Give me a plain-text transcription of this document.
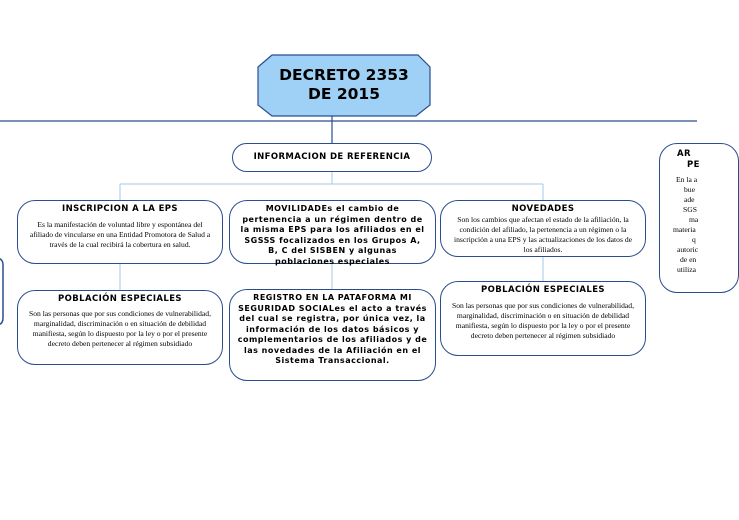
DECRETO 2353
DE 2015
INFORMACION DE REFERENCIA
INSCRIPCION A LA EPS
Es la manifestación de voluntad libre y espontánea del afiliado de vincularse en una Entidad Promotora de Salud a través de la cual recibirá la cobertura en salud.
MOVILIDADEs el cambio de pertenencia a un régimen dentro de la misma EPS para los afiliados en el SGSSS focalizados en los Grupos A, B, C del SISBEN y algunas poblaciones especiales
NOVEDADES
Son los cambios que afectan el estado de la afiliación, la condición del afiliado, la pertenencia a un régimen o la inscripción a una EPS y las actualizaciones de los datos de los afiliados.
POBLACIÓN ESPECIALES
Son las personas que por sus condiciones de vulnerabilidad, marginalidad, discriminación o en situación de debilidad manifiesta, según lo dispuesto por la ley o por el presente decreto deben pertenecer al régimen subsidiado
REGISTRO EN LA PATAFORMA MI SEGURIDAD SOCIALes el acto a través del cual se registra, por única vez, la información de los datos básicos y complementarios de los afiliados y de las novedades de la Afiliación en el Sistema Transaccional.
POBLACIÓN ESPECIALES
Son las personas que por sus condiciones de vulnerabilidad, marginalidad, discriminación o en situación de debilidad manifiesta, según lo dispuesto por la ley o por el presente decreto deben pertenecer al régimen subsidiado
AR
PE
En la a
bue
ade
SGS
ma
materia
q
autoric
de en
utiliza
